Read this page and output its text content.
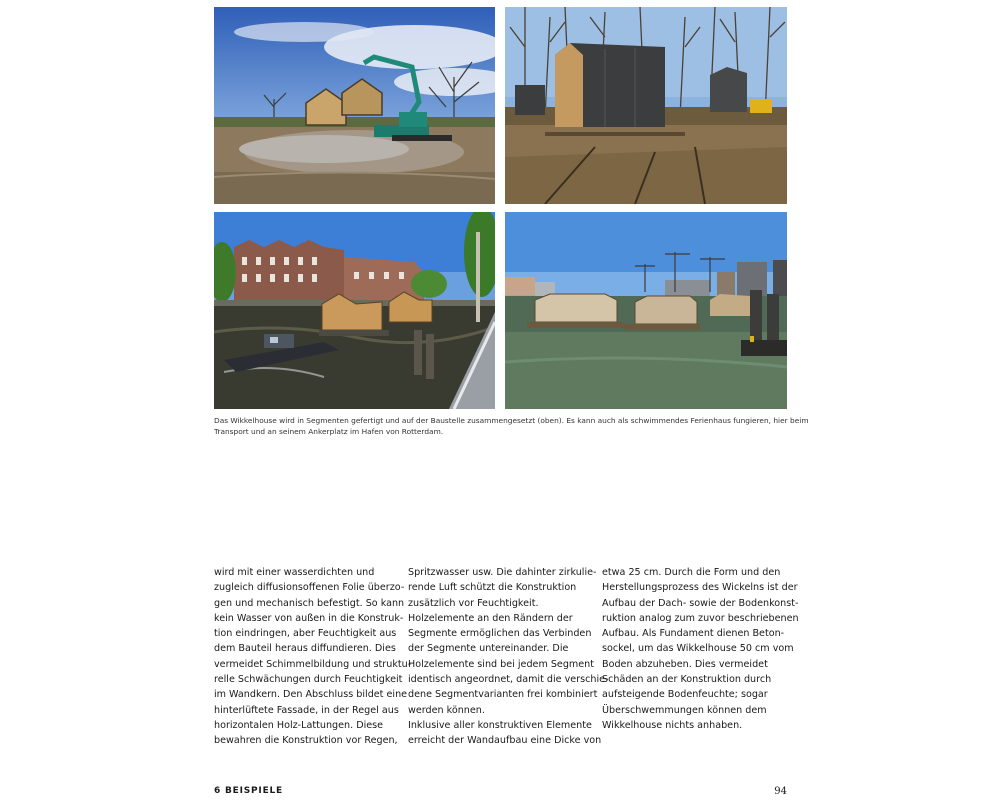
Das Wikkelhouse wird in Segmenten gefertigt und auf der Baustelle zusammengesetzt (oben). Es kann auch als schwimmendes Ferienhaus fungieren, hier beim
Transport und an seinem Ankerplatz im Hafen von Rotterdam.
wird mit einer wasserdichten und
zugleich diffusionsoffenen Folie überzo-
gen und mechanisch befestigt. So kann
kein Wasser von außen in die Konstruk-
tion eindringen, aber Feuchtigkeit aus
dem Bauteil heraus diffundieren. Dies
vermeidet Schimmelbildung und struktu-
relle Schwächungen durch Feuchtigkeit
im Wandkern. Den Abschluss bildet eine
hinterlüftete Fassade, in der Regel aus
horizontalen Holz-Lattungen. Diese
bewahren die Konstruktion vor Regen,
Spritzwasser usw. Die dahinter zirkulie-
rende Luft schützt die Konstruktion
zusätzlich vor Feuchtigkeit.
Holzelemente an den Rändern der
Segmente ermöglichen das Verbinden
der Segmente untereinander. Die
Holzelemente sind bei jedem Segment
identisch angeordnet, damit die verschie-
dene Segmentvarianten frei kombiniert
werden können.
Inklusive aller konstruktiven Elemente
erreicht der Wandaufbau eine Dicke von
etwa 25 cm. Durch die Form und den
Herstellungsprozess des Wickelns ist der
Aufbau der Dach- sowie der Bodenkonst-
ruktion analog zum zuvor beschriebenen
Aufbau. Als Fundament dienen Beton-
sockel, um das Wikkelhouse 50 cm vom
Boden abzuheben. Dies vermeidet
Schäden an der Konstruktion durch
aufsteigende Bodenfeuchte; sogar
Überschwemmungen können dem
Wikkelhouse nichts anhaben.
6 BEISPIELE	94
